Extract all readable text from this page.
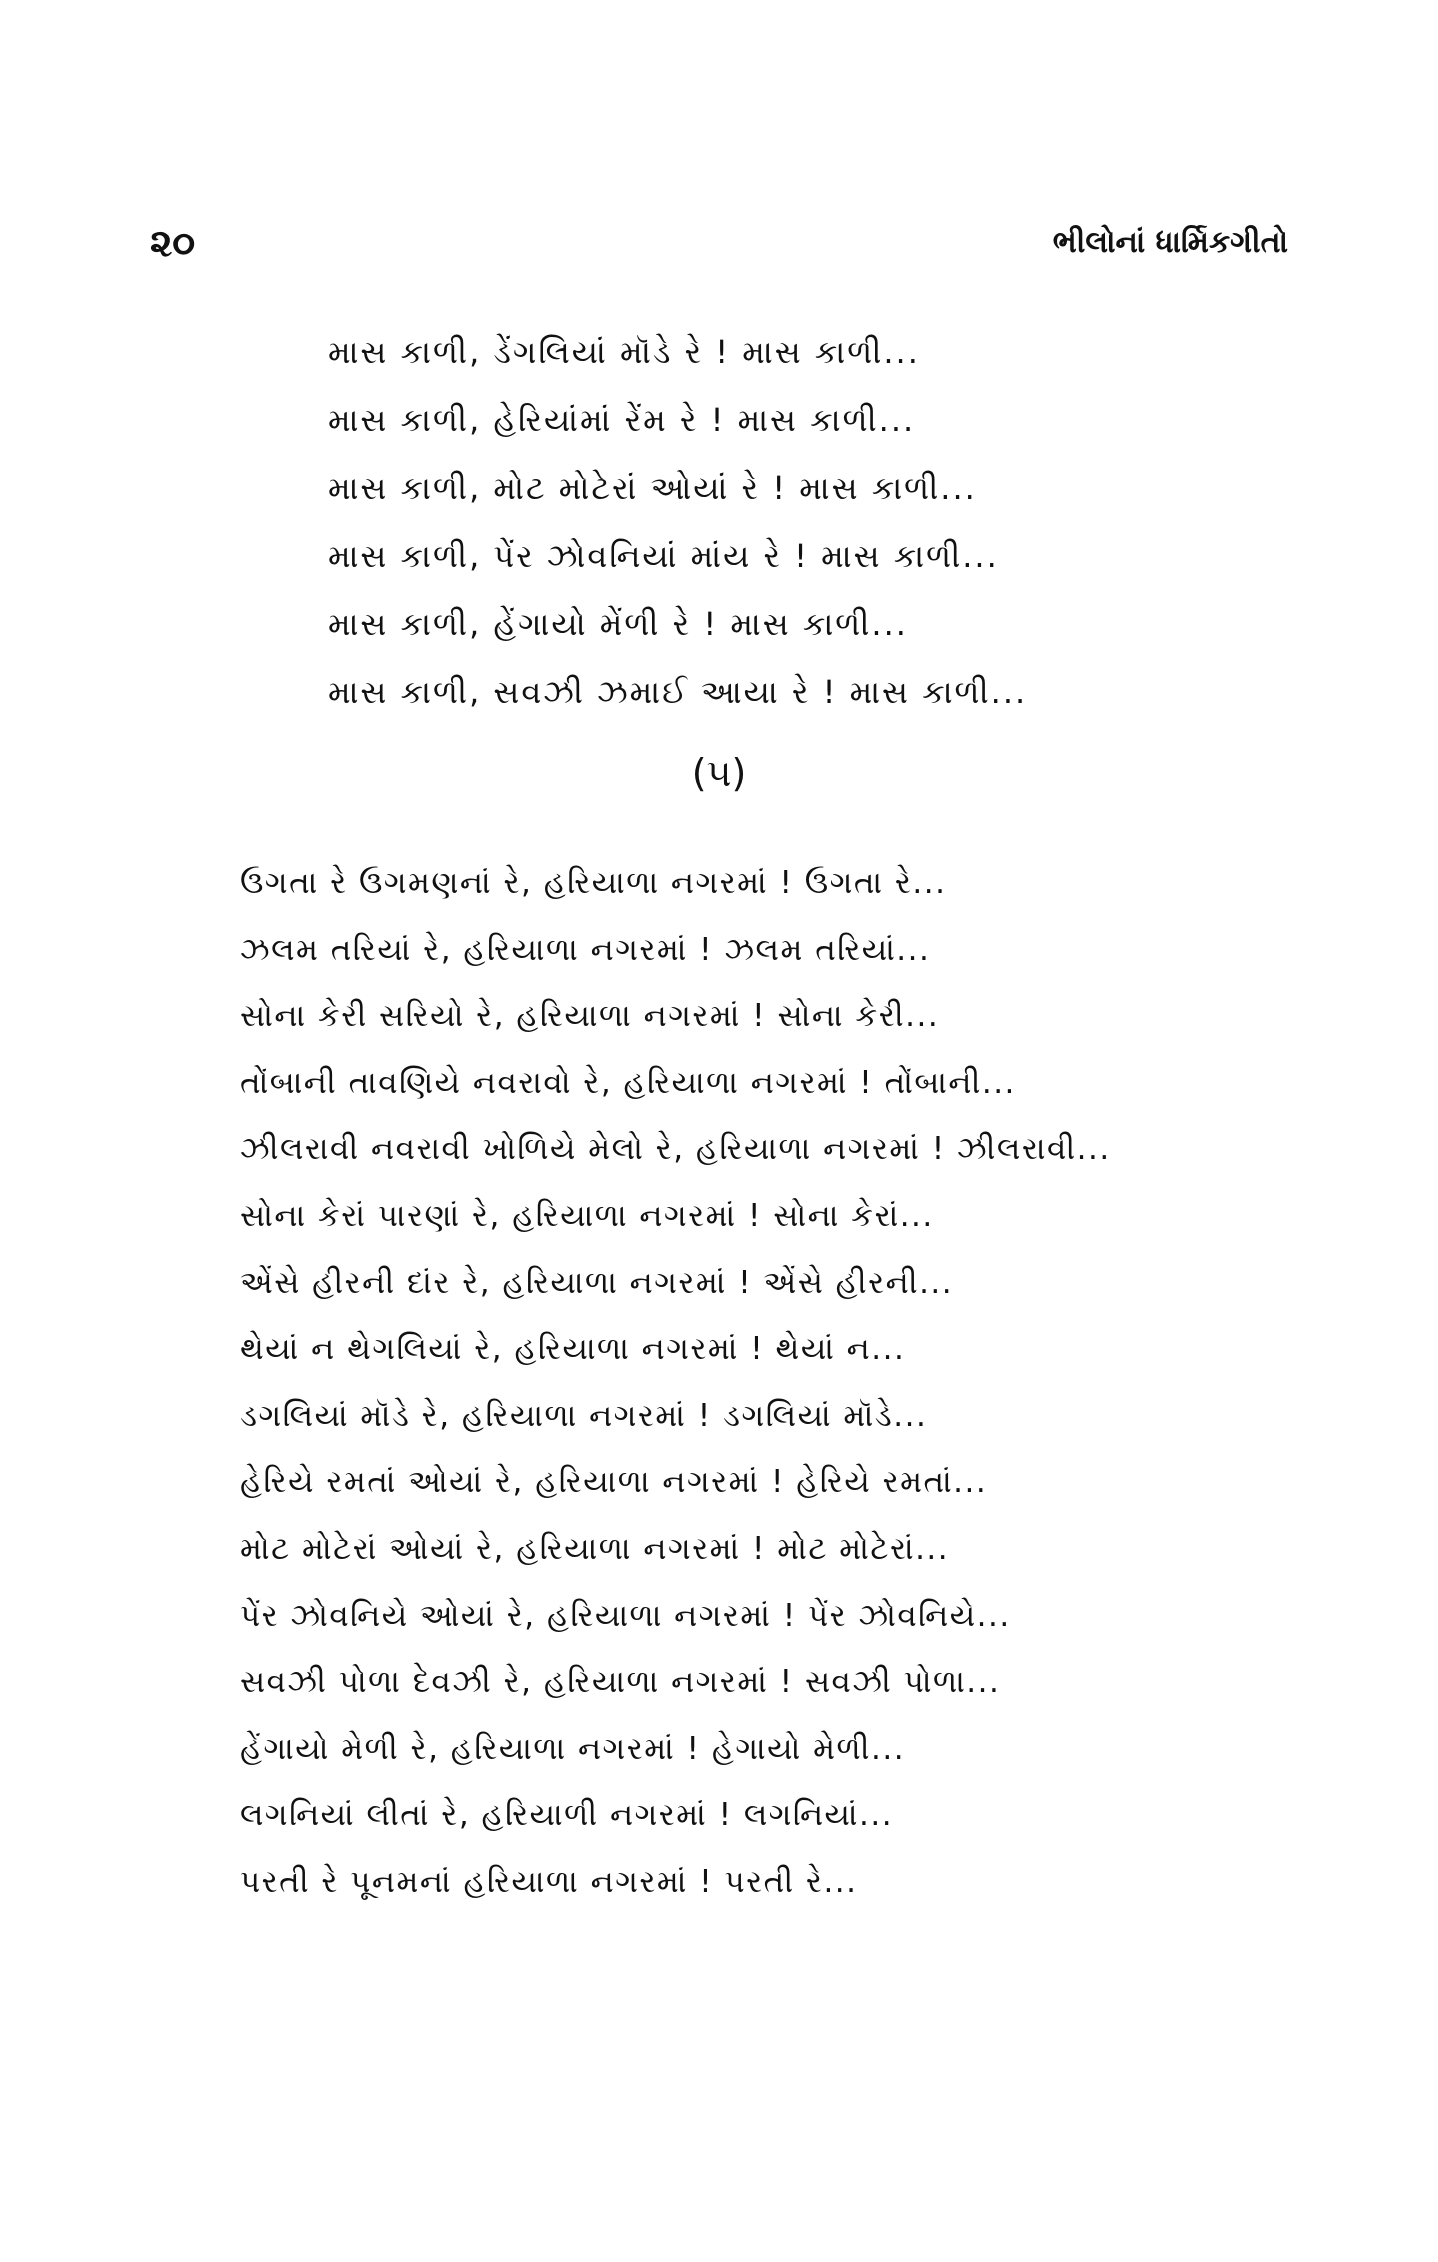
૨૦	ભીલોનાં ધાર્મિકગીતો
માસ કાળી, ડેંગલિયાં મૉડે રે ! માસ કાળી...
માસ કાળી, હેરિયાંમાં રેંમ રે ! માસ કાળી...
માસ કાળી, મોટ મોટેરાં ઓયાં રે ! માસ કાળી...
માસ કાળી, પેંર ઝોવનિયાં માંય રે ! માસ કાળી...
માસ કાળી, હેંગાયો મેંળી રે ! માસ કાળી...
માસ કાળી, સવઝી ઝમાઈ આયા રે ! માસ કાળી...
(૫)
ઉગતા રે ઉગમણનાં રે, હરિયાળા નગરમાં ! ઉગતા રે...
ઝલમ તરિયાં રે, હરિયાળા નગરમાં ! ઝલમ તરિયાં...
સોના કેરી સરિયો રે, હરિયાળા નગરમાં ! સોના કેરી...
તોંબાની તાવણિયે નવરાવો રે, હરિયાળા નગરમાં ! તોંબાની...
ઝીલરાવી નવરાવી ખોળિયે મેલો રે, હરિયાળા નગરમાં ! ઝીલરાવી...
સોના કેરાં પારણાં રે, હરિયાળા નગરમાં ! સોના કેરાં...
એંસે હીરની દાંર રે, હરિયાળા નગરમાં ! એંસે હીરની...
થેયાં ન થેગલિયાં રે, હરિયાળા નગરમાં ! થેયાં ન...
ડગલિયાં મૉડે રે, હરિયાળા નગરમાં ! ડગલિયાં મૉડે...
હેરિયે રમતાં ઓયાં રે, હરિયાળા નગરમાં ! હેરિયે રમતાં...
મોટ મોટેરાં ઓયાં રે, હરિયાળા નગરમાં ! મોટ મોટેરાં...
પેંર ઝોવનિયે ઓયાં રે, હરિયાળા નગરમાં ! પેંર ઝોવનિયે...
સવઝી પોળા દેવઝી રે, હરિયાળા નગરમાં ! સવઝી પોળા...
હેંગાયો મેળી રે, હરિયાળા નગરમાં ! હેગાયો મેળી...
લગનિયાં લીતાં રે, હરિયાળી નગરમાં ! લગનિયાં...
પરતી રે પૂનમનાં હરિયાળા નગરમાં ! પરતી રે...
